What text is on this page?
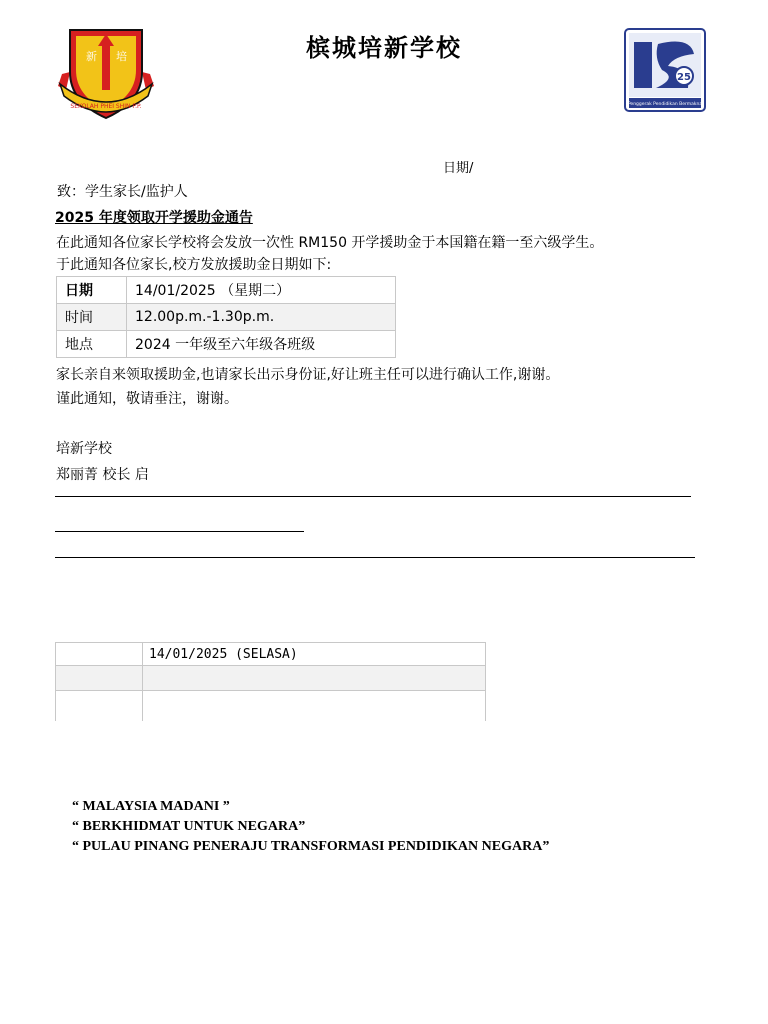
新 培
SEKOLAH PHEI SHIN P.P.
槟城培新学校
25
Penggerak Pendidikan Bermakna
日期/
致：学生家长/监护人
2025 年度领取开学援助金通告
在此通知各位家长学校将会发放一次性 RM150 开学援助金于本国籍在籍一至六级学生。
于此通知各位家长,校方发放援助金日期如下:
日期	14/01/2025 （星期二）
时间	12.00p.m.-1.30p.m.
地点	2024 一年级至六年级各班级
家长亲自来领取援助金,也请家长出示身份证,好让班主任可以进行确认工作,谢谢。
谨此通知，敬请垂注，谢谢。
培新学校
郑丽菁 校长 启
	14/01/2025 (SELASA)

“ MALAYSIA MADANI ”
“ BERKHIDMAT UNTUK NEGARA”
“ PULAU PINANG PENERAJU TRANSFORMASI PENDIDIKAN NEGARA”
